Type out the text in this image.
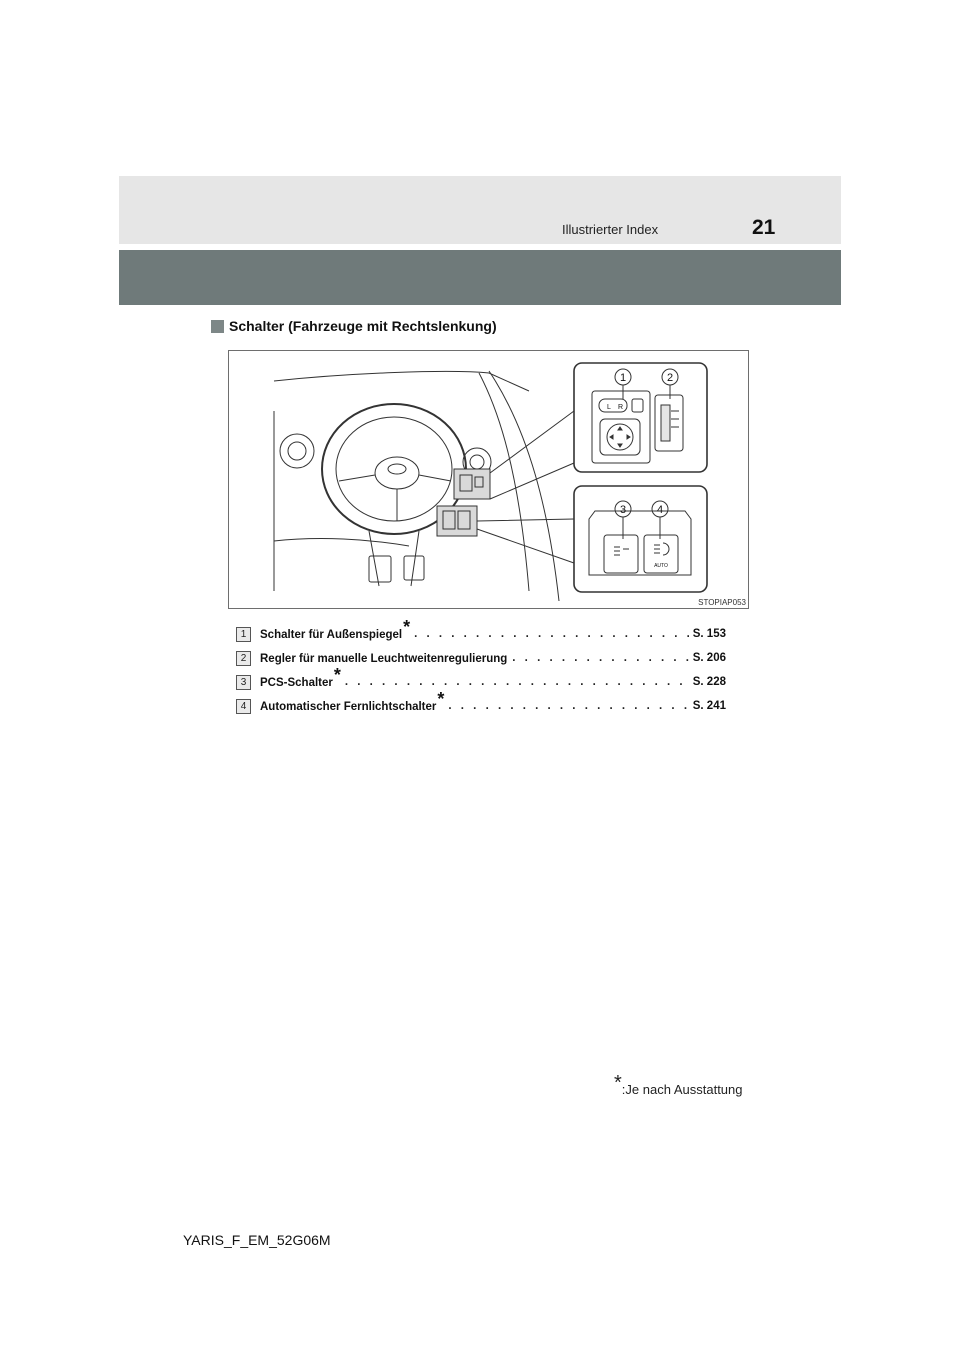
Illustrierter Index	21
Schalter (Fahrzeuge mit Rechtslenkung)
1	2
3	4
L R
AUTO
STOPIAP053
1	Schalter für Außenspiegel* . . .	S. 153
2	Regler für manuelle Leuchtweitenregulierung . . .	S. 206
3	PCS-Schalter* . . .	S. 228
4	Automatischer Fernlichtschalter* . . .	S. 241
*:Je nach Ausstattung
YARIS_F_EM_52G06M
